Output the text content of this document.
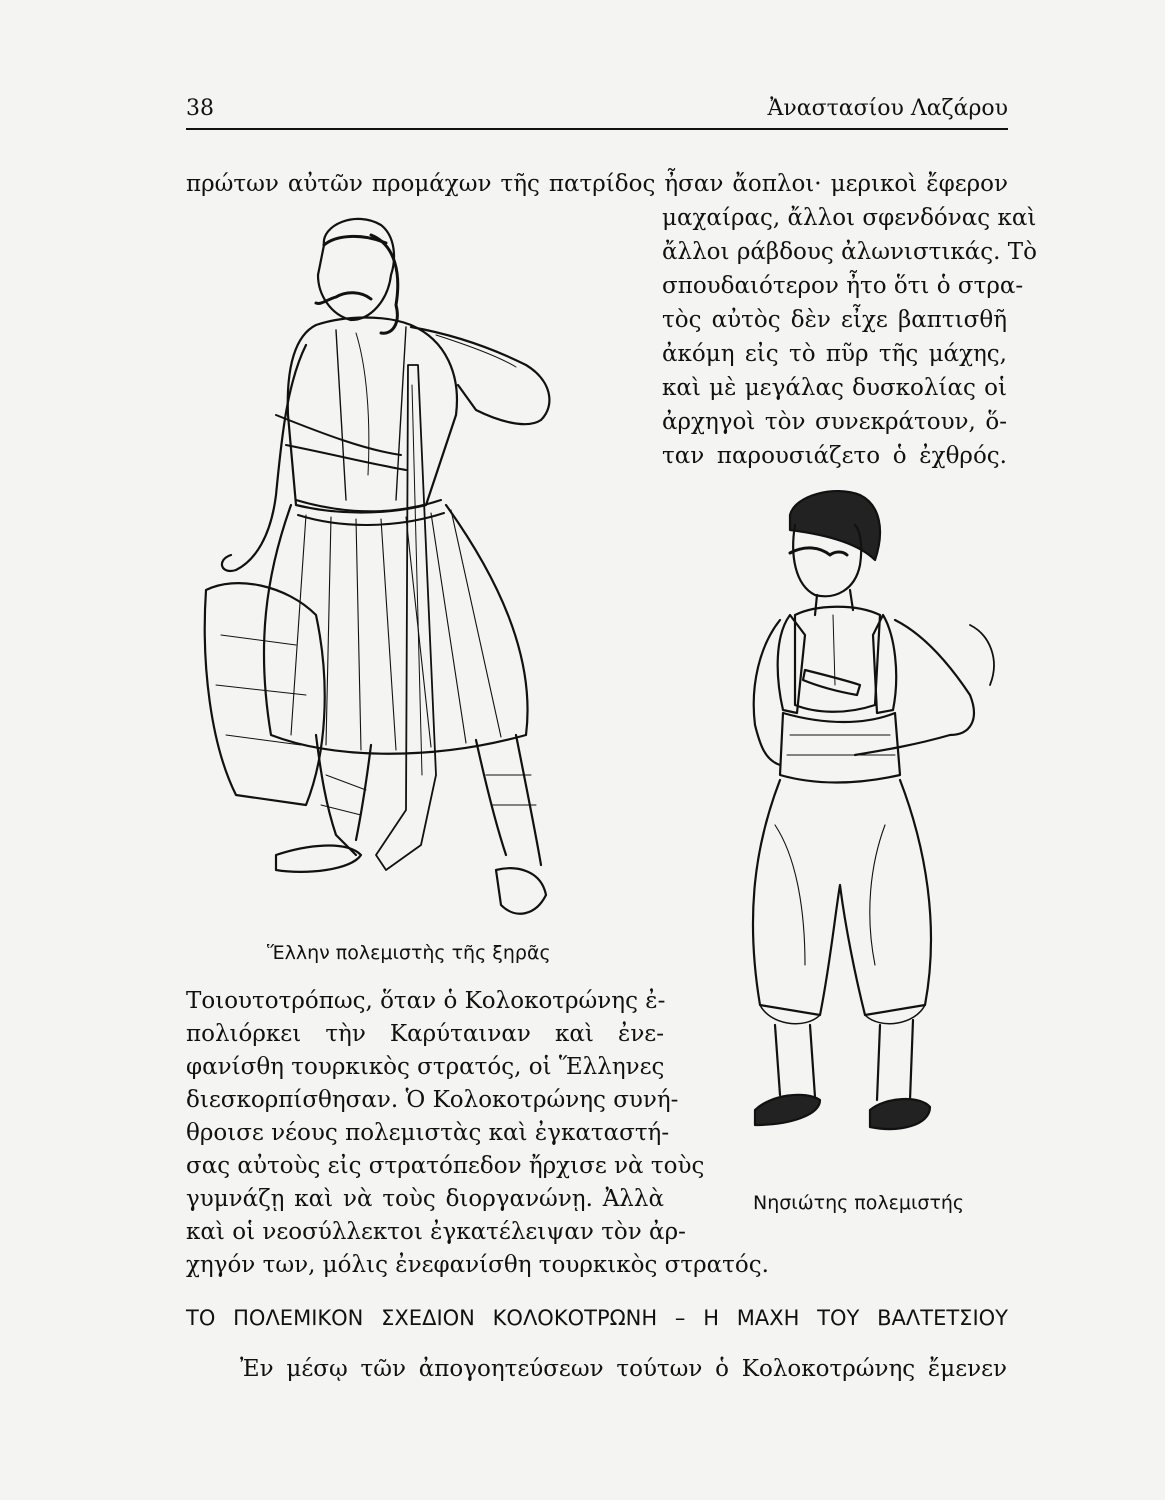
38	Ἀναστασίου Λαζάρου
πρώτων αὐτῶν προμάχων τῆς πατρίδος ἦσαν ἄοπλοι· μερικοὶ ἔφερον
μαχαίρας, ἄλλοι σφενδόνας καὶ
ἄλλοι ράβδους ἀλωνιστικάς. Τὸ
σπουδαιότερον ἦτο ὅτι ὁ στρα-
τὸς αὐτὸς δὲν εἶχε βαπτισθῆ
ἀκόμη εἰς τὸ πῦρ τῆς μάχης,
καὶ μὲ μεγάλας δυσκολίας οἱ
ἀρχηγοὶ τὸν συνεκράτουν, ὅ-
ταν παρουσιάζετο ὁ ἐχθρός.
Ἕλλην πολεμιστὴς τῆς ξηρᾶς
Νησιώτης πολεμιστής
Τοιουτοτρόπως, ὅταν ὁ Κολοκοτρώνης ἐ-
πολιόρκει τὴν Καρύταιναν καὶ ἐνε-
φανίσθη τουρκικὸς στρατός, οἱ Ἕλληνες
διεσκορπίσθησαν. Ὁ Κολοκοτρώνης συνή-
θροισε νέους πολεμιστὰς καὶ ἐγκαταστή-
σας αὐτοὺς εἰς στρατόπεδον ἤρχισε νὰ τοὺς
γυμνάζῃ καὶ νὰ τοὺς διοργανώνῃ. Ἀλλὰ
καὶ οἱ νεοσύλλεκτοι ἐγκατέλειψαν τὸν ἀρ-
χηγόν των, μόλις ἐνεφανίσθη τουρκικὸς στρατός.
ΤΟ ΠΟΛΕΜΙΚΟΝ ΣΧΕΔΙΟΝ ΚΟΛΟΚΟΤΡΩΝΗ – Η ΜΑΧΗ ΤΟΥ ΒΑΛΤΕΤΣΙΟΥ
Ἐν μέσῳ τῶν ἀπογοητεύσεων τούτων ὁ Κολοκοτρώνης ἔμενεν
